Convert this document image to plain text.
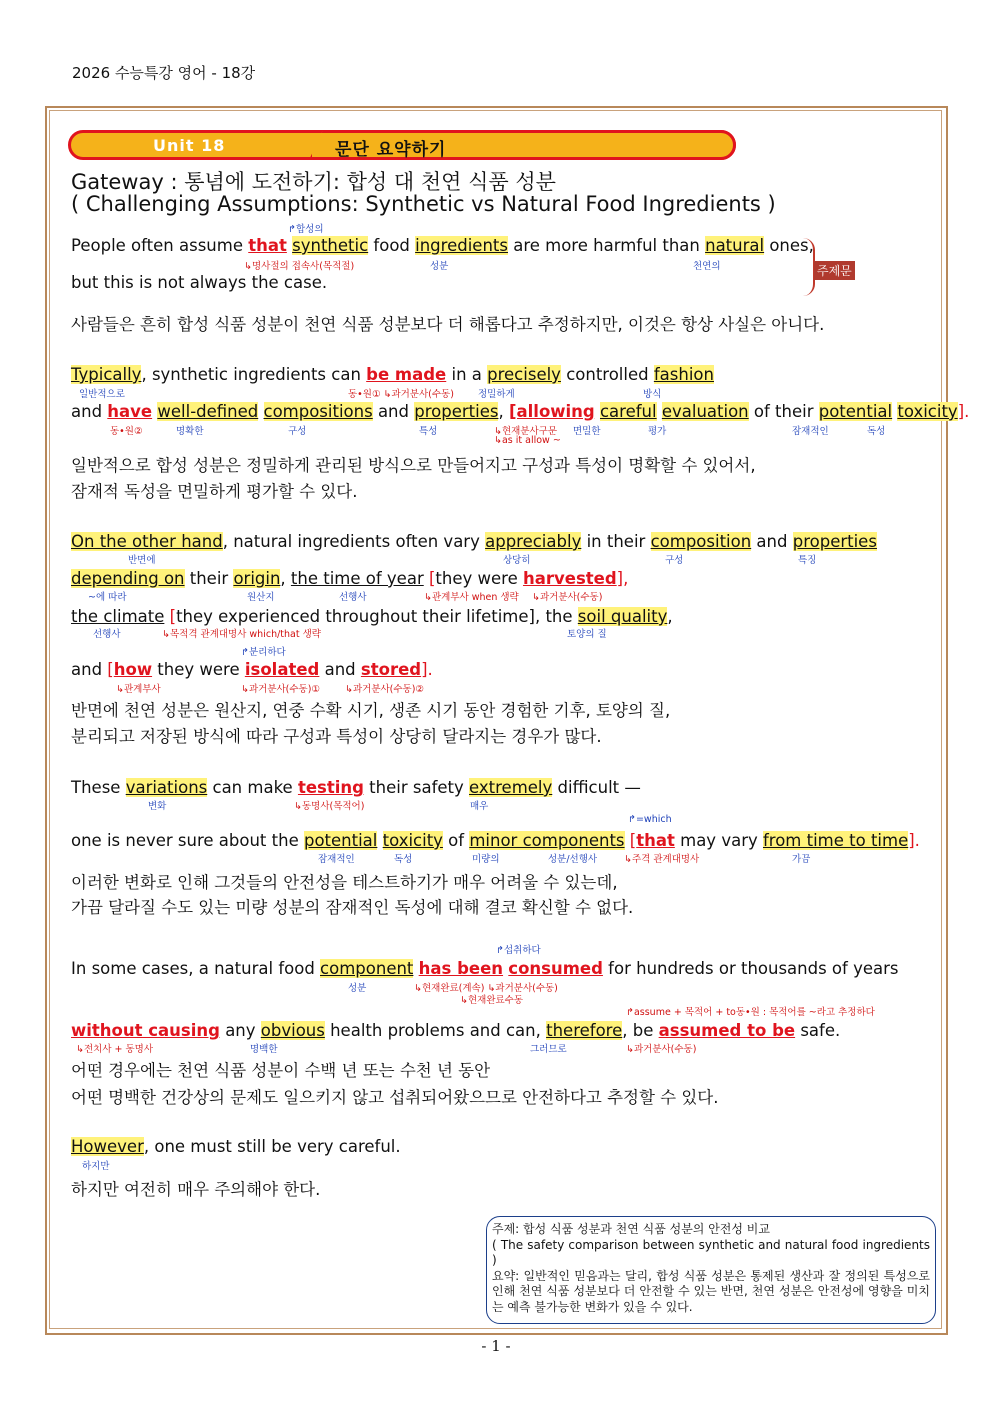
2026 수능특강 영어 - 18강
Unit 18	문단 요약하기
Gateway : 통념에 도전하기: 합성 대 천연 식품 성분
( Challenging Assumptions: Synthetic vs Natural Food Ingredients )
↱합성의
People often assume that synthetic food ingredients are more harmful than natural ones,
↳명사절의 접속사(목적절)	성분	천연의	주제문
but this is not always the case.
사람들은 흔히 합성 식품 성분이 천연 식품 성분보다 더 해롭다고 추정하지만, 이것은 항상 사실은 아니다.
Typically, synthetic ingredients can be made in a precisely controlled fashion
일반적으로	동•원① ↳과거분사(수동)	정밀하게	방식
and have well-defined compositions and properties, [allowing careful evaluation of their potential toxicity].
동•원②	명확한	구성	특성	↳현재분사구문
↳as it allow ~
면밀한	평가	잠재적인	독성
일반적으로 합성 성분은 정밀하게 관리된 방식으로 만들어지고 구성과 특성이 명확할 수 있어서,
잠재적 독성을 면밀하게 평가할 수 있다.
On the other hand, natural ingredients often vary appreciably in their composition and properties
반면에	상당히	구성	특징
depending on their origin, the time of year [they were harvested],
~에 따라	원산지	선행사	↳관계부사 when 생략 ↳과거분사(수동)
the climate [they experienced throughout their lifetime], the soil quality,
선행사	↳목적격 관계대명사 which/that 생략	토양의 질
↱분리하다
and [how they were isolated and stored].
↳관계부사	↳과거분사(수동)①	↳과거분사(수동)②
반면에 천연 성분은 원산지, 연중 수확 시기, 생존 시기 동안 경험한 기후, 토양의 질,
분리되고 저장된 방식에 따라 구성과 특성이 상당히 달라지는 경우가 많다.
These variations can make testing their safety extremely difficult —
변화	↳동명사(목적어)	매우
↱=which
one is never sure about the potential toxicity of minor components [that may vary from time to time].
잠재적인	독성	미량의	성분/선행사	↳주격 관계대명사	가끔
이러한 변화로 인해 그것들의 안전성을 테스트하기가 매우 어려울 수 있는데,
가끔 달라질 수도 있는 미량 성분의 잠재적인 독성에 대해 결코 확신할 수 없다.
↱섭취하다
In some cases, a natural food component has been consumed for hundreds or thousands of years
성분	↳현재완료(계속) ↳과거분사(수동)
↳현재완료수동
↱assume + 목적어 + to동•원 : 목적어를 ~라고 추정하다
without causing any obvious health problems and can, therefore, be assumed to be safe.
↳전치사 + 동명사	명백한	그러므로	↳과거분사(수동)
어떤 경우에는 천연 식품 성분이 수백 년 또는 수천 년 동안
어떤 명백한 건강상의 문제도 일으키지 않고 섭취되어왔으므로 안전하다고 추정할 수 있다.
However, one must still be very careful.
하지만
하지만 여전히 매우 주의해야 한다.
주제: 합성 식품 성분과 천연 식품 성분의 안전성 비교
( The safety comparison between synthetic and natural food ingredients )
요약: 일반적인 믿음과는 달리, 합성 식품 성분은 통제된 생산과 잘 정의된 특성으로 인해 천연 식품 성분보다 더 안전할 수 있는 반면, 천연 성분은 안전성에 영향을 미치는 예측 불가능한 변화가 있을 수 있다.
- 1 -
